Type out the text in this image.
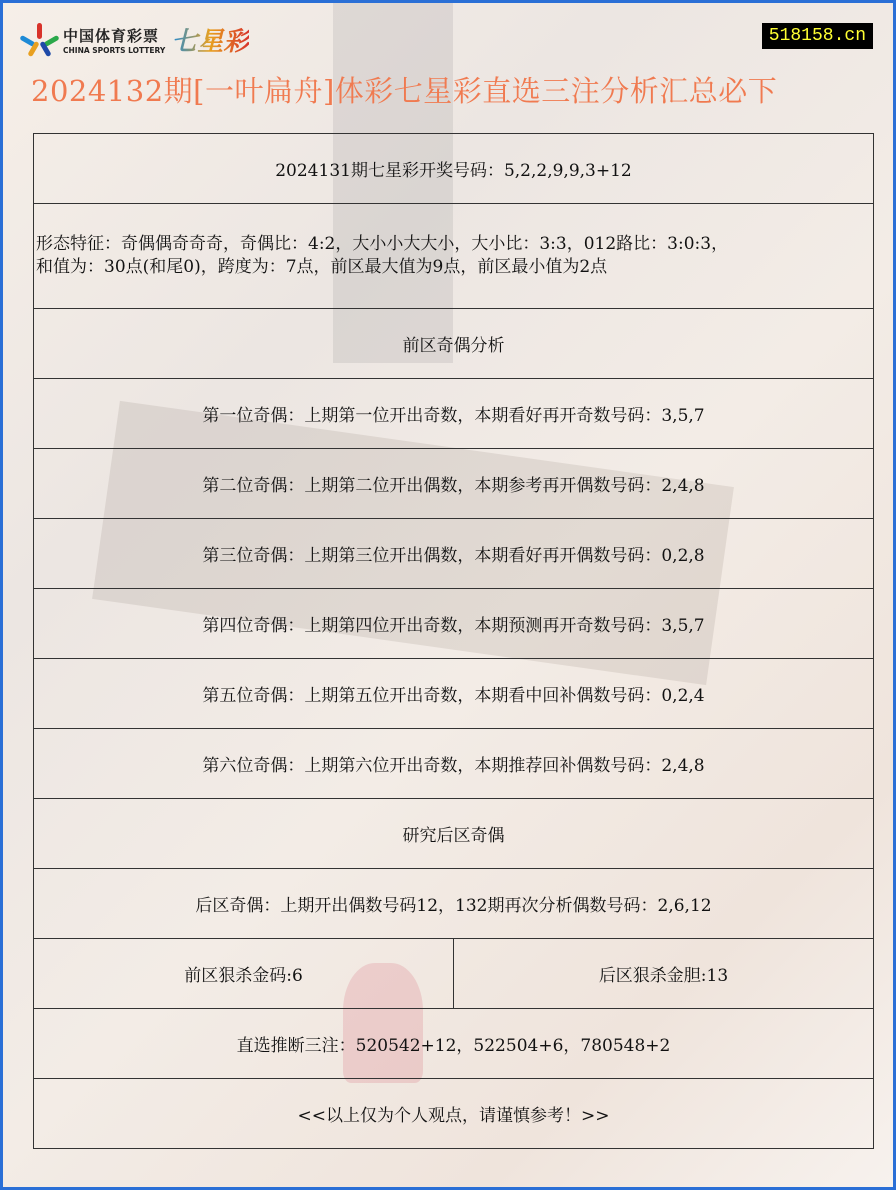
中国体育彩票
CHINA SPORTS LOTTERY 七星彩	518158.cn
2024132期[一叶扁舟]体彩七星彩直选三注分析汇总必下
2024131期七星彩开奖号码：5,2,2,9,9,3+12

形态特征：奇偶偶奇奇奇，奇偶比：4:2，大小小大大小，大小比：3:3，012路比：3:0:3，
和值为：30点(和尾0)，跨度为：7点，前区最大值为9点，前区最小值为2点

前区奇偶分析
第一位奇偶：上期第一位开出奇数，本期看好再开奇数号码：3,5,7
第二位奇偶：上期第二位开出偶数，本期参考再开偶数号码：2,4,8
第三位奇偶：上期第三位开出偶数，本期看好再开偶数号码：0,2,8
第四位奇偶：上期第四位开出奇数，本期预测再开奇数号码：3,5,7
第五位奇偶：上期第五位开出奇数，本期看中回补偶数号码：0,2,4
第六位奇偶：上期第六位开出奇数，本期推荐回补偶数号码：2,4,8
研究后区奇偶
后区奇偶：上期开出偶数号码12，132期再次分析偶数号码：2,6,12
前区狠杀金码:6	后区狠杀金胆:13
直选推断三注：520542+12，522504+6，780548+2
<<以上仅为个人观点，请谨慎参考！>>
